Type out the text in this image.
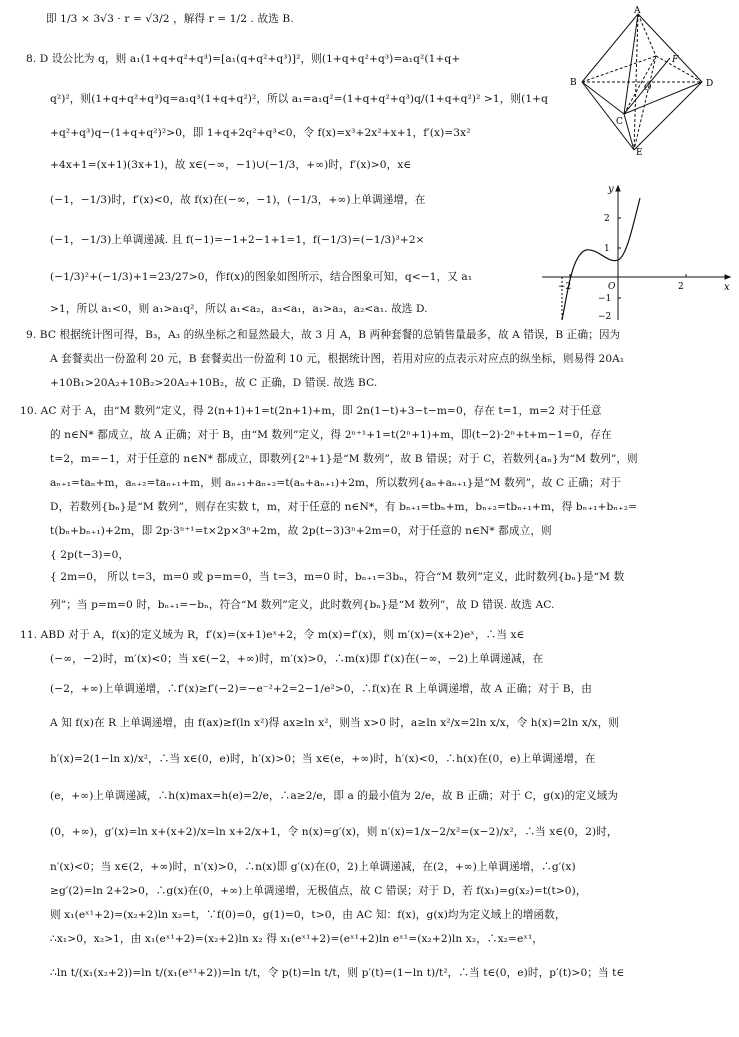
即 1/3 × 3√3 · r = √3/2 ，解得 r = 1/2 . 故选 B.
8. D 设公比为 q，则 a₁(1+q+q²+q³)=[a₁(q+q²+q³)]²，则(1+q+q²+q³)=a₁q²(1+q+
q²)²，则(1+q+q²+q³)q=a₁q³(1+q+q²)²，所以 a₁=a₁q²=(1+q+q²+q³)q/(1+q+q²)² >1，则(1+q
+q²+q³)q−(1+q+q²)²>0，即 1+q+2q²+q³<0，令 f(x)=x³+2x²+x+1，f′(x)=3x²
+4x+1=(x+1)(3x+1)，故 x∈(−∞，−1)∪(−1/3，+∞)时，f′(x)>0，x∈
(−1，−1/3)时，f′(x)<0，故 f(x)在(−∞，−1)，(−1/3，+∞)上单调递增，在
(−1，−1/3)上单调递减. 且 f(−1)=−1+2−1+1=1，f(−1/3)=(−1/3)³+2×
(−1/3)²+(−1/3)+1=23/27>0，作f(x)的图象如图所示，结合图象可知，q<−1，又 a₁
>1，所以 a₁<0，则 a₁>a₁q²，所以 a₁<a₂，a₃<a₁，a₁>a₃，a₂<a₁. 故选 D.
9. BC 根据统计图可得，B₃，A₃ 的纵坐标之和显然最大，故 3 月 A，B 两种套餐的总销售量最多，故 A 错误，B 正确；因为
A 套餐卖出一份盈利 20 元，B 套餐卖出一份盈利 10 元，根据统计图，若用对应的点表示对应点的纵坐标，则易得 20A₁
+10B₁>20A₂+10B₂>20A₂+10B₂，故 C 正确，D 错误. 故选 BC.
10. AC 对于 A，由“M 数列”定义，得 2(n+1)+1=t(2n+1)+m，即 2n(1−t)+3−t−m=0，存在 t=1，m=2 对于任意
的 n∈N* 都成立，故 A 正确；对于 B，由“M 数列”定义，得 2ⁿ⁺¹+1=t(2ⁿ+1)+m，即(t−2)·2ⁿ+t+m−1=0，存在
t=2，m=−1，对于任意的 n∈N* 都成立，即数列{2ⁿ+1}是“M 数列”，故 B 错误；对于 C，若数列{aₙ}为“M 数列”，则
aₙ₊₁=taₙ+m，aₙ₊₂=taₙ₊₁+m，则 aₙ₊₁+aₙ₊₂=t(aₙ+aₙ₊₁)+2m，所以数列{aₙ+aₙ₊₁}是“M 数列”，故 C 正确；对于
D，若数列{bₙ}是“M 数列”，则存在实数 t，m，对于任意的 n∈N*，有 bₙ₊₁=tbₙ+m，bₙ₊₂=tbₙ₊₁+m，得 bₙ₊₁+bₙ₊₂=
t(bₙ+bₙ₊₁)+2m，即 2p·3ⁿ⁺¹=t×2p×3ⁿ+2m，故 2p(t−3)3ⁿ+2m=0，对于任意的 n∈N* 都成立，则
{ 2p(t−3)=0，
{ 2m=0， 所以 t=3，m=0 或 p=m=0，当 t=3，m=0 时，bₙ₊₁=3bₙ，符合“M 数列”定义，此时数列{bₙ}是“M 数
列”；当 p=m=0 时，bₙ₊₁=−bₙ，符合“M 数列”定义，此时数列{bₙ}是“M 数列”，故 D 错误. 故选 AC.
11. ABD 对于 A，f(x)的定义域为 R，f′(x)=(x+1)eˣ+2，令 m(x)=f′(x)，则 m′(x)=(x+2)eˣ，∴当 x∈
(−∞，−2)时，m′(x)<0；当 x∈(−2，+∞)时，m′(x)>0，∴m(x)即 f′(x)在(−∞，−2)上单调递减，在
(−2，+∞)上单调递增，∴f′(x)≥f′(−2)=−e⁻²+2=2−1/e²>0，∴f(x)在 R 上单调递增，故 A 正确；对于 B，由
A 知 f(x)在 R 上单调递增，由 f(ax)≥f(ln x²)得 ax≥ln x²，则当 x>0 时，a≥ln x²/x=2ln x/x，令 h(x)=2ln x/x，则
h′(x)=2(1−ln x)/x²，∴当 x∈(0，e)时，h′(x)>0；当 x∈(e，+∞)时，h′(x)<0，∴h(x)在(0，e)上单调递增，在
(e，+∞)上单调递减，∴h(x)max=h(e)=2/e，∴a≥2/e，即 a 的最小值为 2/e，故 B 正确；对于 C，g(x)的定义域为
(0，+∞)，g′(x)=ln x+(x+2)/x=ln x+2/x+1，令 n(x)=g′(x)，则 n′(x)=1/x−2/x²=(x−2)/x²，∴当 x∈(0，2)时，
n′(x)<0；当 x∈(2，+∞)时，n′(x)>0，∴n(x)即 g′(x)在(0，2)上单调递减，在(2，+∞)上单调递增，∴g′(x)
≥g′(2)=ln 2+2>0，∴g(x)在(0，+∞)上单调递增，无极值点，故 C 错误；对于 D，若 f(x₁)=g(x₂)=t(t>0)，
则 x₁(eˣ¹+2)=(x₂+2)ln x₂=t，∵f(0)=0，g(1)=0，t>0，由 AC 知：f(x)，g(x)均为定义域上的增函数，
∴x₁>0，x₂>1，由 x₁(eˣ¹+2)=(x₂+2)ln x₂ 得 x₁(eˣ¹+2)=(eˣ¹+2)ln eˣ¹=(x₂+2)ln x₂，∴x₂=eˣ¹，
∴ln t/(x₁(x₂+2))=ln t/(x₁(eˣ¹+2))=ln t/t，令 p(t)=ln t/t，则 p′(t)=(1−ln t)/t²，∴当 t∈(0，e)时，p′(t)>0；当 t∈
A
B
C
D
F
E
O
y
x
O
−2	2
2
1
−1
−2
